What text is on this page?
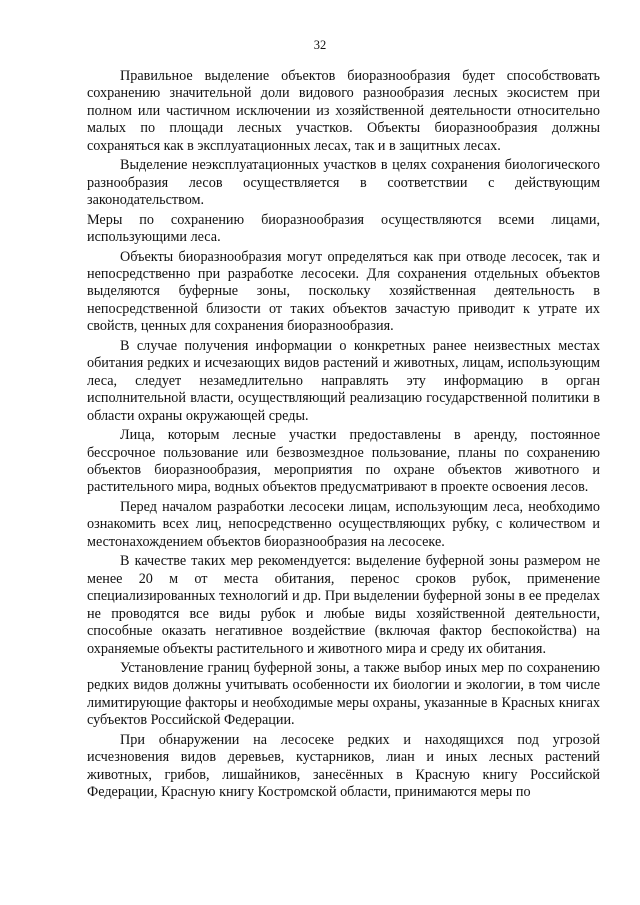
32

Правильное выделение объектов биоразнообразия будет способствовать сохранению значительной доли видового разнообразия лесных экосистем при полном или частичном исключении из хозяйственной деятельности относительно малых по площади лесных участков. Объекты биоразнообразия должны сохраняться как в эксплуатационных лесах, так и в защитных лесах.

Выделение неэксплуатационных участков в целях сохранения биологического разнообразия лесов осуществляется в соответствии с действующим законодательством.

Меры по сохранению биоразнообразия осуществляются всеми лицами, использующими леса.

Объекты биоразнообразия могут определяться как при отводе лесосек, так и непосредственно при разработке лесосеки. Для сохранения отдельных объектов выделяются буферные зоны, поскольку хозяйственная деятельность в непосредственной близости от таких объектов зачастую приводит к утрате их свойств, ценных для сохранения биоразнообразия.

В случае получения информации о конкретных ранее неизвестных местах обитания редких и исчезающих видов растений и животных, лицам, использующим леса, следует незамедлительно направлять эту информацию в орган исполнительной власти, осуществляющий реализацию государственной политики в области охраны окружающей среды.

Лица, которым лесные участки предоставлены в аренду, постоянное бессрочное пользование или безвозмездное пользование, планы по сохранению объектов биоразнообразия, мероприятия по охране объектов животного и растительного мира, водных объектов предусматривают в проекте освоения лесов.

Перед началом разработки лесосеки лицам, использующим леса, необходимо ознакомить всех лиц, непосредственно осуществляющих рубку, с количеством и местонахождением объектов биоразнообразия на лесосеке.

В качестве таких мер рекомендуется: выделение буферной зоны размером не менее 20 м от места обитания, перенос сроков рубок, применение специализированных технологий и др. При выделении буферной зоны в ее пределах не проводятся все виды рубок и любые виды хозяйственной деятельности, способные оказать негативное воздействие (включая фактор беспокойства) на охраняемые объекты растительного и животного мира и среду их обитания.

Установление границ буферной зоны, а также выбор иных мер по сохранению редких видов должны учитывать особенности их биологии и экологии, в том числе лимитирующие факторы и необходимые меры охраны, указанные в Красных книгах субъектов Российской Федерации.

При обнаружении на лесосеке редких и находящихся под угрозой исчезновения видов деревьев, кустарников, лиан и иных лесных растений животных, грибов, лишайников, занесённых в Красную книгу Российской Федерации, Красную книгу Костромской области, принимаются меры по
